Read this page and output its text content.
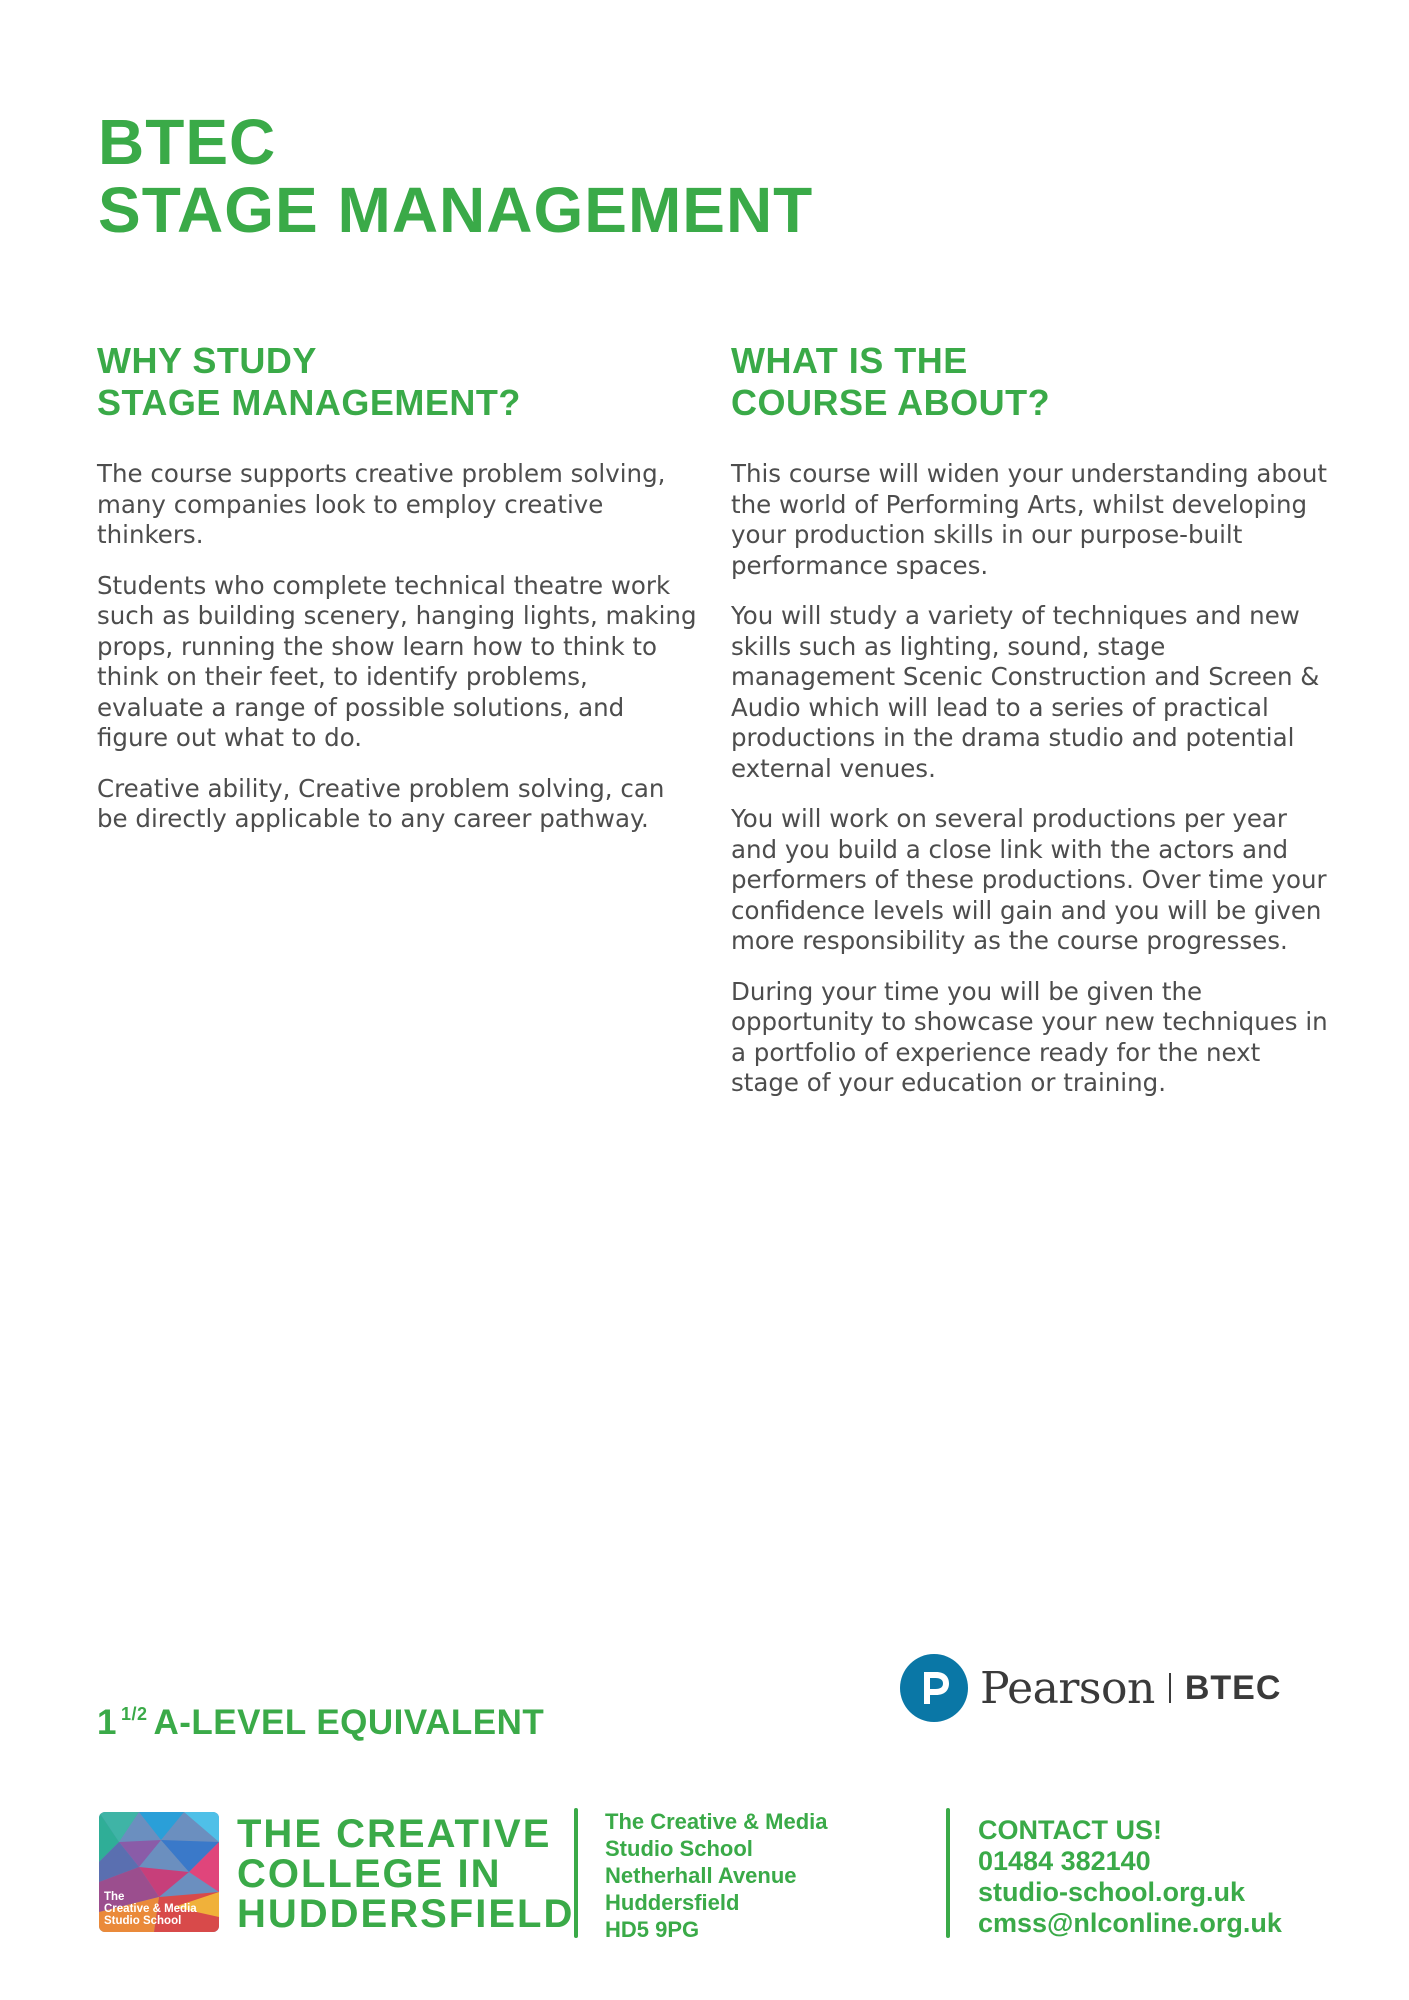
BTEC
STAGE MANAGEMENT
WHY STUDY
STAGE MANAGEMENT?

The course supports creative problem solving, many companies look to employ creative thinkers.

Students who complete technical theatre work such as building scenery, hanging lights, making props, running the show learn how to think to think on their feet, to identify problems, evaluate a range of possible solutions, and figure out what to do.

Creative ability, Creative problem solving, can be directly applicable to any career pathway.

WHAT IS THE
COURSE ABOUT?

This course will widen your understanding about the world of Performing Arts, whilst developing your production skills in our purpose-built performance spaces.

You will study a variety of techniques and new skills such as lighting, sound, stage management Scenic Construction and Screen & Audio which will lead to a series of practical productions in the drama studio and potential external venues.

You will work on several productions per year and you build a close link with the actors and performers of these productions. Over time your confidence levels will gain and you will be given more responsibility as the course progresses.

During your time you will be given the opportunity to showcase your new techniques in a portfolio of experience ready for the next stage of your education or training.

1 $^{1/2}$ A-LEVEL EQUIVALENT
Pearson BTEC
The
Creative & Media
Studio School
THE CREATIVE
COLLEGE IN
HUDDERSFIELD
The Creative & Media
Studio School
Netherhall Avenue
Huddersfield
HD5 9PG
CONTACT US!
01484 382140
studio-school.org.uk
cmss@nlconline.org.uk
